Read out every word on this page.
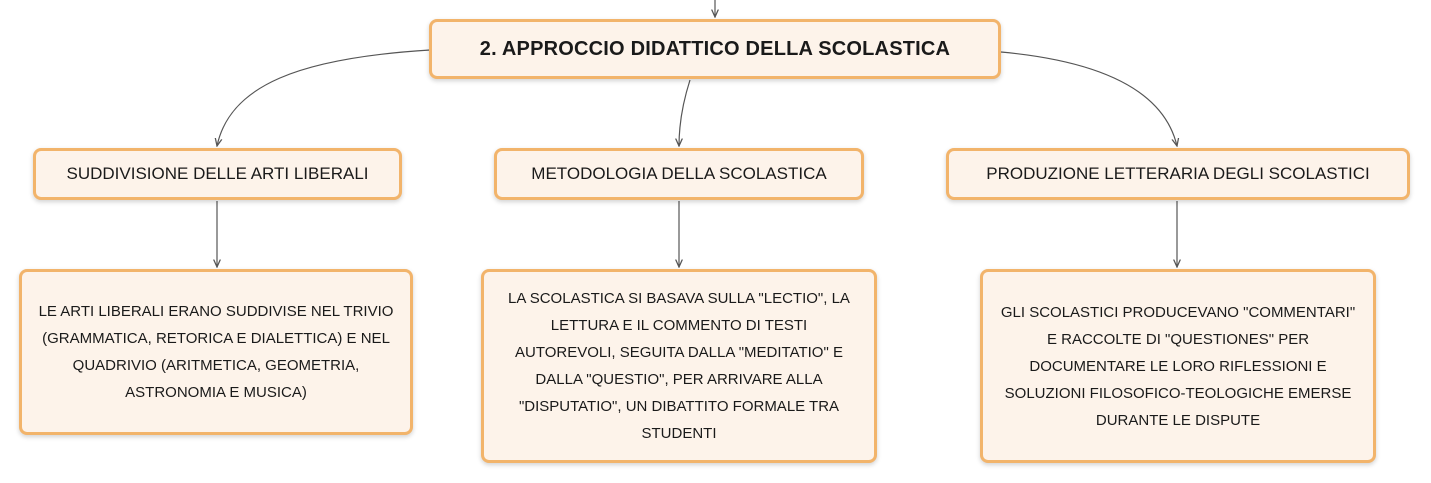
2. APPROCCIO DIDATTICO DELLA SCOLASTICA
SUDDIVISIONE DELLE ARTI LIBERALI	METODOLOGIA DELLA SCOLASTICA	PRODUZIONE LETTERARIA DEGLI SCOLASTICI
LE ARTI LIBERALI ERANO SUDDIVISE NEL TRIVIO (GRAMMATICA, RETORICA E DIALETTICA) E NEL QUADRIVIO (ARITMETICA, GEOMETRIA, ASTRONOMIA E MUSICA)
LA SCOLASTICA SI BASAVA SULLA "LECTIO", LA LETTURA E IL COMMENTO DI TESTI AUTOREVOLI, SEGUITA DALLA "MEDITATIO" E DALLA "QUESTIO", PER ARRIVARE ALLA "DISPUTATIO", UN DIBATTITO FORMALE TRA STUDENTI
GLI SCOLASTICI PRODUCEVANO "COMMENTARI" E RACCOLTE DI "QUESTIONES" PER DOCUMENTARE LE LORO RIFLESSIONI E SOLUZIONI FILOSOFICO-TEOLOGICHE EMERSE DURANTE LE DISPUTE
